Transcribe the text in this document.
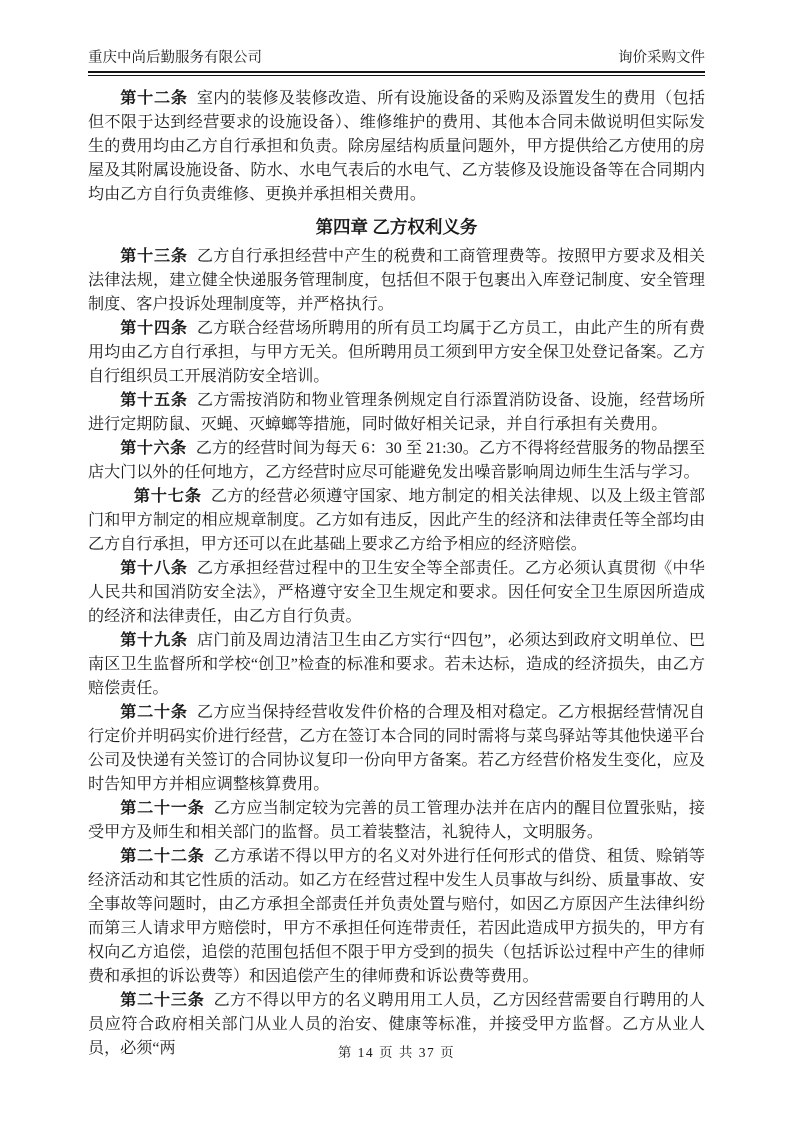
重庆中尚后勤服务有限公司	询价采购文件

第十二条 室内的装修及装修改造、所有设施设备的采购及添置发生的费用（包括但不限于达到经营要求的设施设备）、维修维护的费用、其他本合同未做说明但实际发生的费用均由乙方自行承担和负责。除房屋结构质量问题外，甲方提供给乙方使用的房屋及其附属设施设备、防水、水电气表后的水电气、乙方装修及设施设备等在合同期内均由乙方自行负责维修、更换并承担相关费用。

第四章 乙方权利义务

第十三条 乙方自行承担经营中产生的税费和工商管理费等。按照甲方要求及相关法律法规，建立健全快递服务管理制度，包括但不限于包裹出入库登记制度、安全管理制度、客户投诉处理制度等，并严格执行。

第十四条 乙方联合经营场所聘用的所有员工均属于乙方员工，由此产生的所有费用均由乙方自行承担，与甲方无关。但所聘用员工须到甲方安全保卫处登记备案。乙方自行组织员工开展消防安全培训。

第十五条 乙方需按消防和物业管理条例规定自行添置消防设备、设施，经营场所进行定期防鼠、灭蝇、灭蟑螂等措施，同时做好相关记录，并自行承担有关费用。

第十六条 乙方的经营时间为每天 6：30 至 21:30。乙方不得将经营服务的物品摆至店大门以外的任何地方，乙方经营时应尽可能避免发出噪音影响周边师生生活与学习。

第十七条 乙方的经营必须遵守国家、地方制定的相关法律规、以及上级主管部门和甲方制定的相应规章制度。乙方如有违反，因此产生的经济和法律责任等全部均由乙方自行承担，甲方还可以在此基础上要求乙方给予相应的经济赔偿。

第十八条 乙方承担经营过程中的卫生安全等全部责任。乙方必须认真贯彻《中华人民共和国消防安全法》，严格遵守安全卫生规定和要求。因任何安全卫生原因所造成的经济和法律责任，由乙方自行负责。

第十九条 店门前及周边清洁卫生由乙方实行“四包”，必须达到政府文明单位、巴南区卫生监督所和学校“创卫”检查的标准和要求。若未达标，造成的经济损失，由乙方赔偿责任。

第二十条 乙方应当保持经营收发件价格的合理及相对稳定。乙方根据经营情况自行定价并明码实价进行经营，乙方在签订本合同的同时需将与菜鸟驿站等其他快递平台公司及快递有关签订的合同协议复印一份向甲方备案。若乙方经营价格发生变化，应及时告知甲方并相应调整核算费用。

第二十一条 乙方应当制定较为完善的员工管理办法并在店内的醒目位置张贴，接受甲方及师生和相关部门的监督。员工着装整洁，礼貌待人，文明服务。

第二十二条 乙方承诺不得以甲方的名义对外进行任何形式的借贷、租赁、赊销等经济活动和其它性质的活动。如乙方在经营过程中发生人员事故与纠纷、质量事故、安全事故等问题时，由乙方承担全部责任并负责处置与赔付，如因乙方原因产生法律纠纷而第三人请求甲方赔偿时，甲方不承担任何连带责任，若因此造成甲方损失的，甲方有权向乙方追偿，追偿的范围包括但不限于甲方受到的损失（包括诉讼过程中产生的律师费和承担的诉讼费等）和因追偿产生的律师费和诉讼费等费用。

第二十三条 乙方不得以甲方的名义聘用用工人员，乙方因经营需要自行聘用的人员应符合政府相关部门从业人员的治安、健康等标准，并接受甲方监督。乙方从业人员，必须“两	第 14 页 共 37 页
